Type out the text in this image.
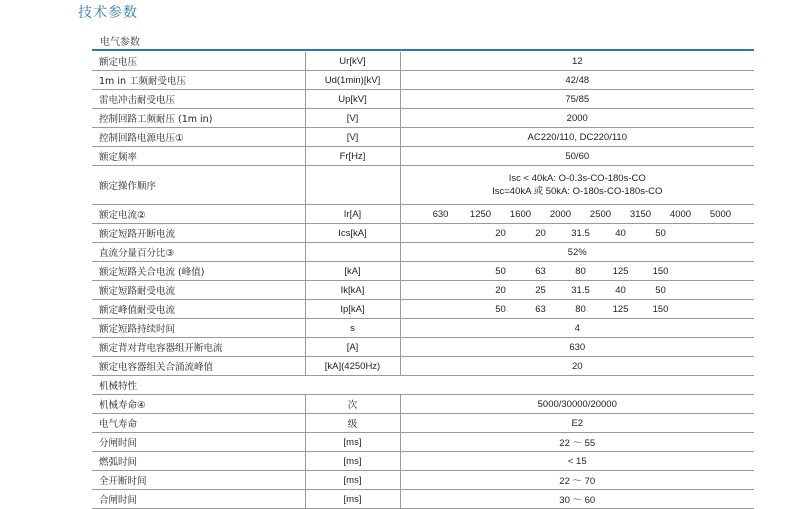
技术参数
电气参数
额定电压	Ur[kV]	12
1m in 工频耐受电压	Ud(1min)[kV]	42/48
雷电冲击耐受电压	Up[kV]	75/85
控制回路工频耐压 (1m in)	[V]	2000
控制回路电源电压①	[V]	AC220/110, DC220/110
额定频率	Fr[Hz]	50/60
额定操作顺序		Isc < 40kA: O-0.3s-CO-180s-CO
Isc=40kA 或 50kA: O-180s-CO-180s-CO

额定电流②	Ir[A]	630 1250 1600 2000 2500 3150 4000 5000
额定短路开断电流	Ics[kA]	20 20 31.5 40 50
直流分量百分比③		52%
额定短路关合电流 (峰值)	[kA]	50 63 80 125 150
额定短路耐受电流	Ik[kA]	20 25 31.5 40 50
额定峰值耐受电流	Ip[kA]	50 63 80 125 150
额定短路持续时间	s	4
额定背对背电容器组开断电流	[A]	630
额定电容器组关合涌流峰值	[kA](4250Hz)	20
机械特性		
机械寿命④	次	5000/30000/20000
电气寿命	级	E2
分闸时间	[ms]	22 ～ 55
燃弧时间	[ms]	< 15
全开断时间	[ms]	22 ～ 70
合闸时间	[ms]	30 ～ 60
